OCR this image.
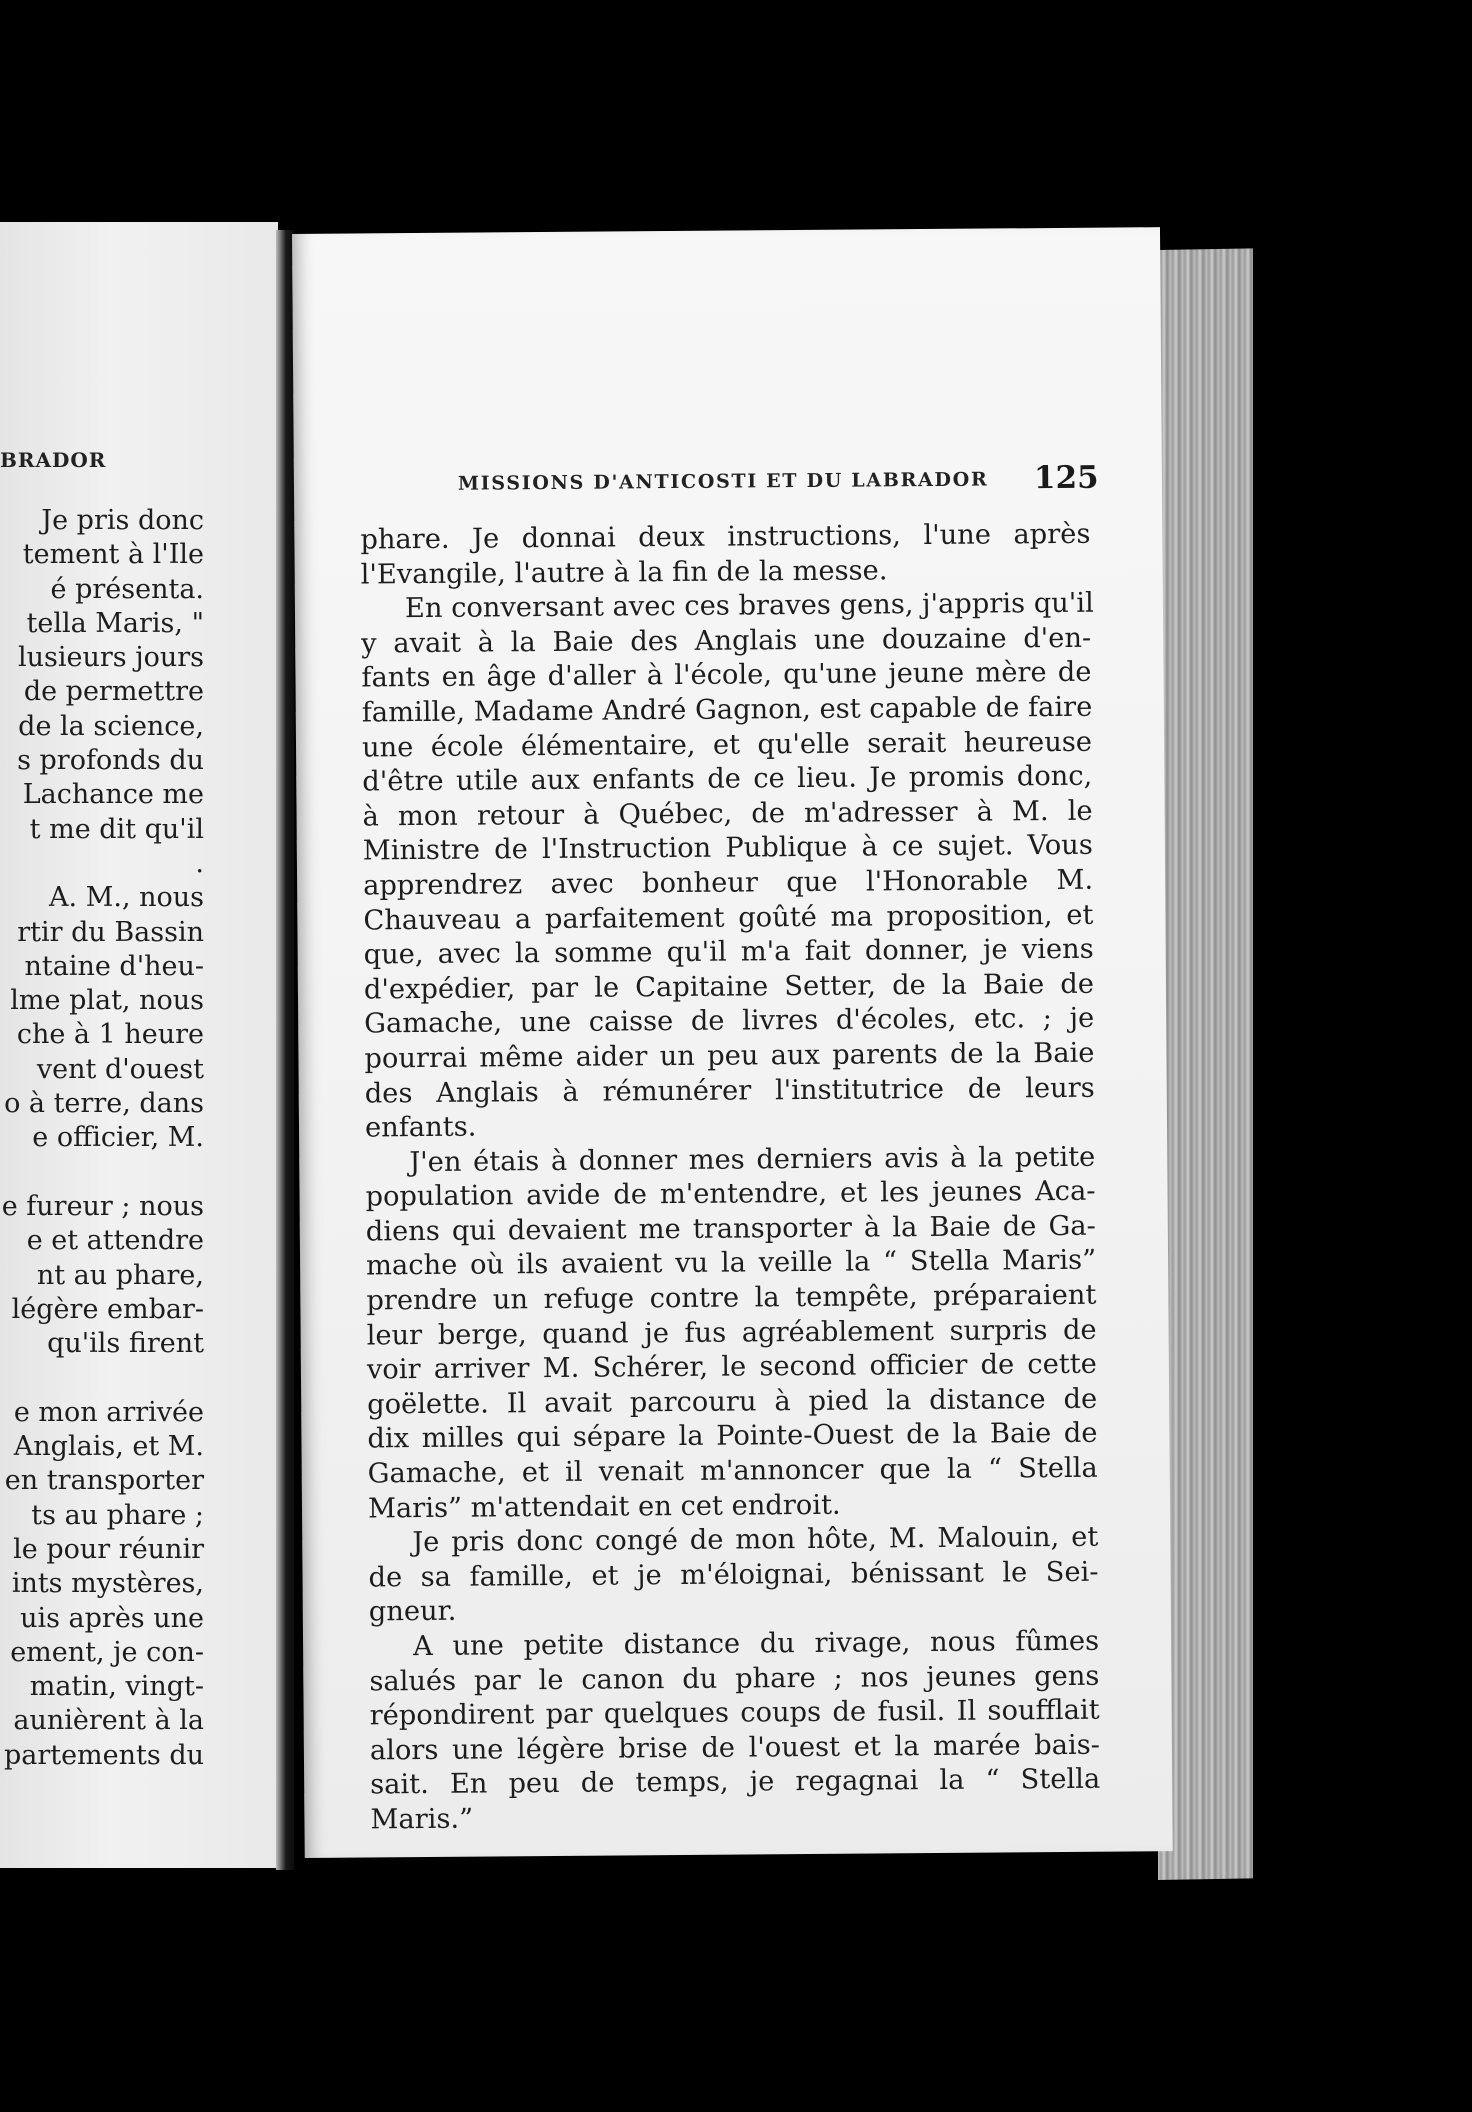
BRADOR
Je pris donc
tement à l'Ile
é présenta.
tella Maris, "
lusieurs jours
de permettre
de la science,
s profonds du
Lachance me
t me dit qu'il
.
A. M., nous
rtir du Bassin
ntaine d'heu-
lme plat, nous
che à 1 heure
vent d'ouest
o à terre, dans
e officier, M.
e fureur ; nous
e et attendre
nt au phare,
légère embar-
qu'ils firent
e mon arrivée
Anglais, et M.
en transporter
ts au phare ;
le pour réunir
ints mystères,
uis après une
ement, je con-
matin, vingt-
aunièrent à la
partements du
MISSIONS D'ANTICOSTI ET DU LABRADOR 125
phare. Je donnai deux instructions, l'une après
l'Evangile, l'autre à la fin de la messe.
En conversant avec ces braves gens, j'appris qu'il
y avait à la Baie des Anglais une douzaine d'en-
fants en âge d'aller à l'école, qu'une jeune mère de
famille, Madame André Gagnon, est capable de faire
une école élémentaire, et qu'elle serait heureuse
d'être utile aux enfants de ce lieu. Je promis donc,
à mon retour à Québec, de m'adresser à M. le
Ministre de l'Instruction Publique à ce sujet. Vous
apprendrez avec bonheur que l'Honorable M.
Chauveau a parfaitement goûté ma proposition, et
que, avec la somme qu'il m'a fait donner, je viens
d'expédier, par le Capitaine Setter, de la Baie de
Gamache, une caisse de livres d'écoles, etc. ; je
pourrai même aider un peu aux parents de la Baie
des Anglais à rémunérer l'institutrice de leurs
enfants.
J'en étais à donner mes derniers avis à la petite
population avide de m'entendre, et les jeunes Aca-
diens qui devaient me transporter à la Baie de Ga-
mache où ils avaient vu la veille la “ Stella Maris”
prendre un refuge contre la tempête, préparaient
leur berge, quand je fus agréablement surpris de
voir arriver M. Schérer, le second officier de cette
goëlette. Il avait parcouru à pied la distance de
dix milles qui sépare la Pointe-Ouest de la Baie de
Gamache, et il venait m'annoncer que la “ Stella
Maris” m'attendait en cet endroit.
Je pris donc congé de mon hôte, M. Malouin, et
de sa famille, et je m'éloignai, bénissant le Sei-
gneur.
A une petite distance du rivage, nous fûmes
salués par le canon du phare ; nos jeunes gens
répondirent par quelques coups de fusil. Il soufflait
alors une légère brise de l'ouest et la marée bais-
sait. En peu de temps, je regagnai la “ Stella
Maris.”
